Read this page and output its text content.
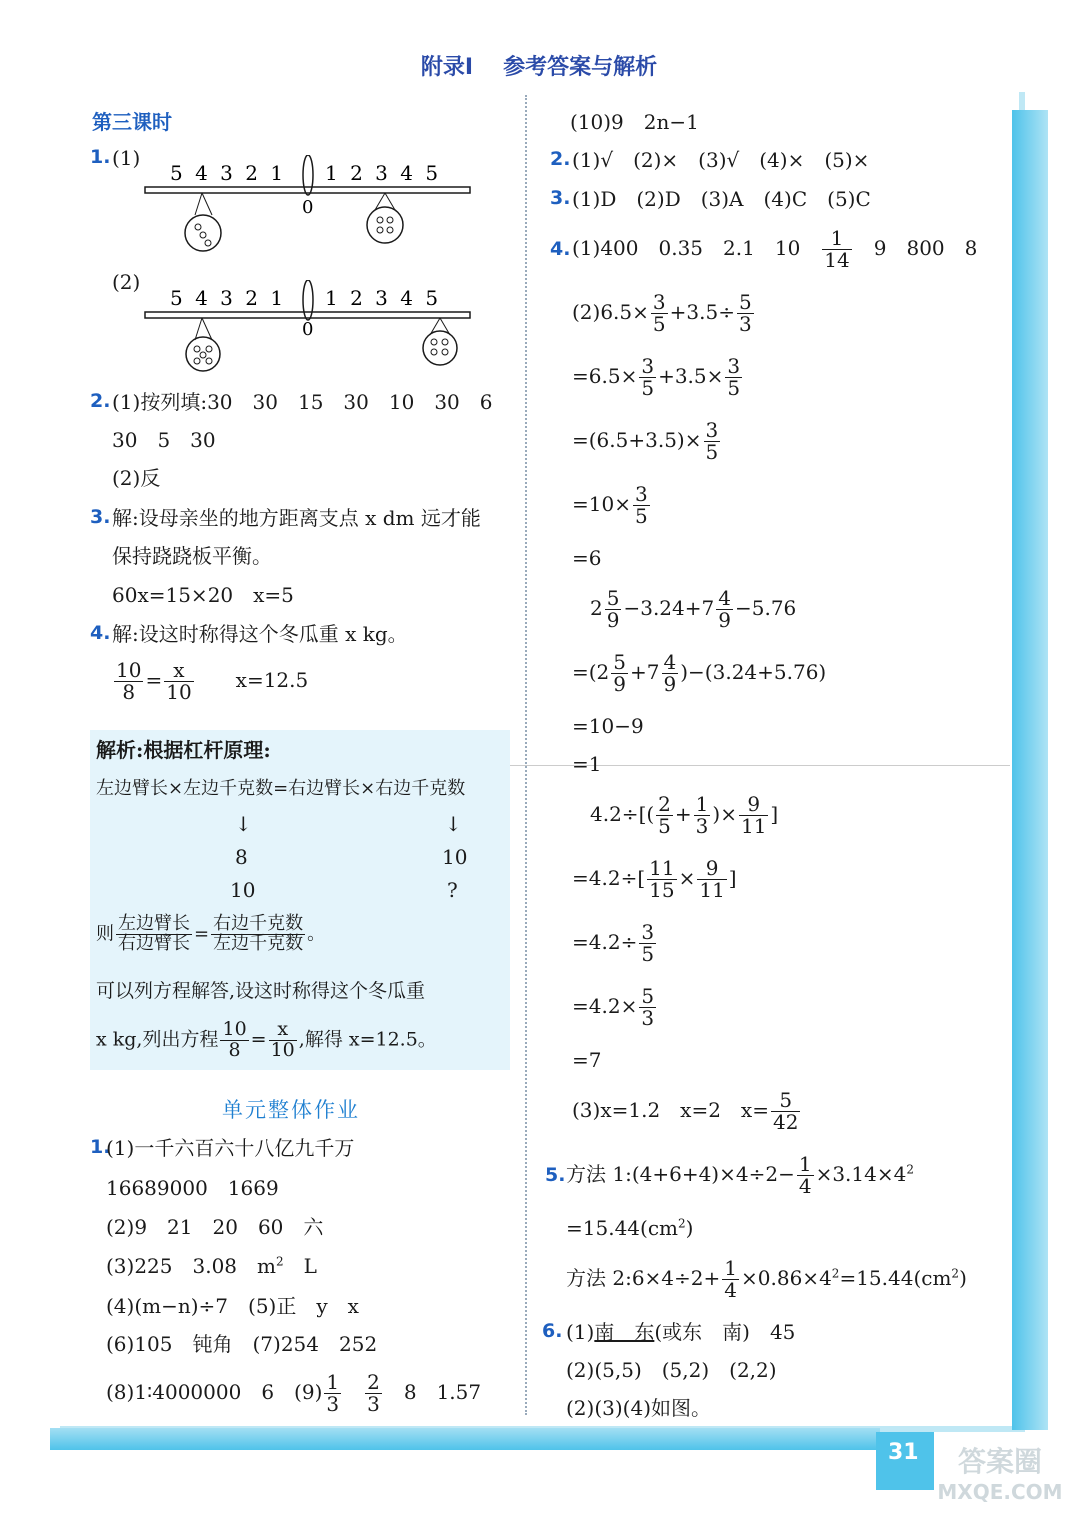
附录Ⅰ 参考答案与解析
31	答案圈
MXQE.COM
第三课时
1. (1)
5 4 3 2 1 1 2 3 4 5
0
(2)
5 4 3 2 1 1 2 3 4 5
0
2. (1)按列填:30　30　15　30　10　30　6
30　5　30
(2)反
3. 解:设母亲坐的地方距离支点 x dm 远才能
保持跷跷板平衡。
60x=15×20　x=5
4. 解:设这时称得这个冬瓜重 x kg。
$\frac{10}{8} = \frac{x}{10}$
　　 x=12.5
解析:根据杠杆原理:
左边臂长×左边千克数=右边臂长×右边千克数
↓	↓
8	10
10	?
则 $\frac{\text{左边臂长}}{\text{右边臂长}} = \frac{\text{右边千克数}}{\text{左边千克数}}$ 。
可以列方程解答,设这时称得这个冬瓜重
x kg,列出方程 $\frac{10}{8} = \frac{x}{10}$ ,解得 x=12.5。
单元整体作业
1.
(1)一千六百六十八亿九千万
16689000　1669
(2)9　21　20　60　六
(3)225　3.08　$m^2$　L
(4)(m−n)÷7　(5)正　y　x
(6)105　钝角　(7)254　252
(8)1∶4000000　6　$(9) \frac{1}{3}$
　 $\frac{2}{3}$
　 8　1.57
(10)9　2n−1
2. (1)√　(2)×　(3)√　(4)×　(5)×
3. (1)D　(2)D　(3)A　(4)C　(5)C
4. (1)400　0.35　2.1　10　 $\frac{1}{14}$
　 9　800　8
$(2)6.5\times \frac{3}{5} +3.5\div \frac{5}{3}$
$=6.5\times \frac{3}{5} +3.5\times \frac{3}{5}$
$=(6.5+3.5)\times \frac{3}{5}$
$=10\times \frac{3}{5}$
=6
$2 \frac{5}{9} -3.24+7 \frac{4}{9} -5.76$
$=(2 \frac{5}{9} +7 \frac{4}{9} )-(3.24+5.76)$
=10−9
=1
$4.2\div[( \frac{2}{5} + \frac{1}{3}$ )× $\frac{9}{11}$ ]
$=4.2\div[ \frac{11}{15} \times \frac{9}{11}$ ]
$=4.2\div \frac{3}{5}$
$=4.2\times \frac{5}{3}$
=7
(3)x=1.2　x=2　$x= \frac{5}{42}$
5. 方法 1:(4+6+4)×4÷2− $\frac{1}{4} \times 3.14\times 4^2$
$=15.44(cm^2)$
方法 2:6×4÷2+ $\frac{1}{4} \times 0.86\times 4^2=15.44(cm^2)$
6. (1)南　东(或东　南)　45
(2)(5,5)　(5,2)　(2,2)
(2)(3)(4)如图。
